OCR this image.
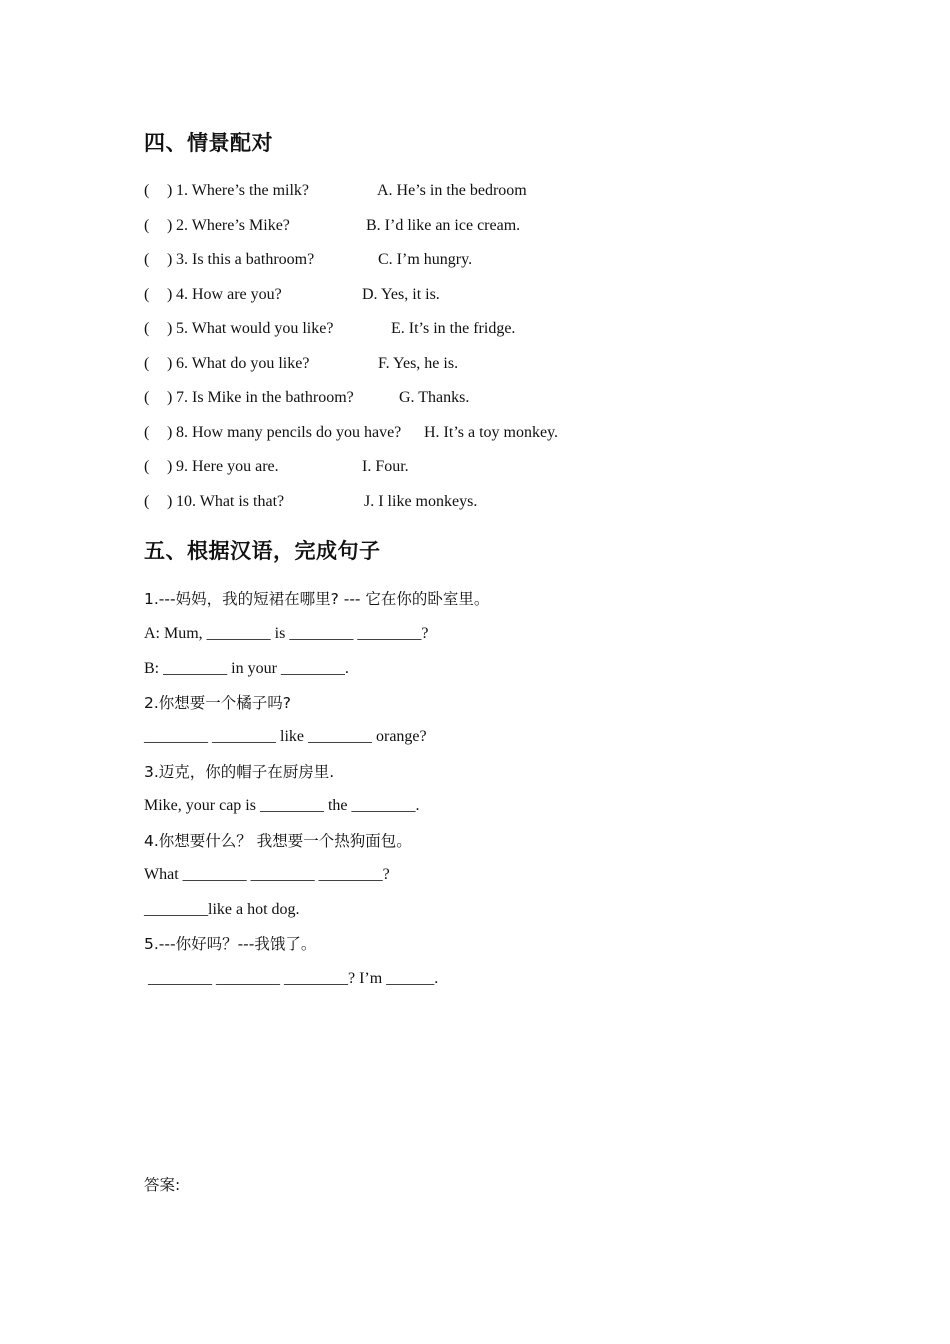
四、情景配对
( ) 1. Where’s the milk?	A. He’s in the bedroom
( ) 2. Where’s Mike?	B. I’d like an ice cream.
( ) 3. Is this a bathroom?	C. I’m hungry.
( ) 4. How are you?	D. Yes, it is.
( ) 5. What would you like?	E. It’s in the fridge.
( ) 6. What do you like?	F. Yes, he is.
( ) 7. Is Mike in the bathroom?	G. Thanks.
( ) 8. How many pencils do you have? H. It’s a toy monkey.
( ) 9. Here you are.	I. Four.
( ) 10. What is that?	J. I like monkeys.
五、根据汉语，完成句子
1.---妈妈，我的短裙在哪里? --- 它在你的卧室里。
A: Mum, ________ is ________ ________?
B: ________ in your ________.
2.你想要一个橘子吗?
________ ________ like ________ orange?
3.迈克，你的帽子在厨房里.
Mike, your cap is ________ the ________.
4.你想要什么？ 我想要一个热狗面包。
What ________ ________ ________?
________like a hot dog.
5.---你好吗？---我饿了。
________ ________ ________? I’m ______.
答案:
